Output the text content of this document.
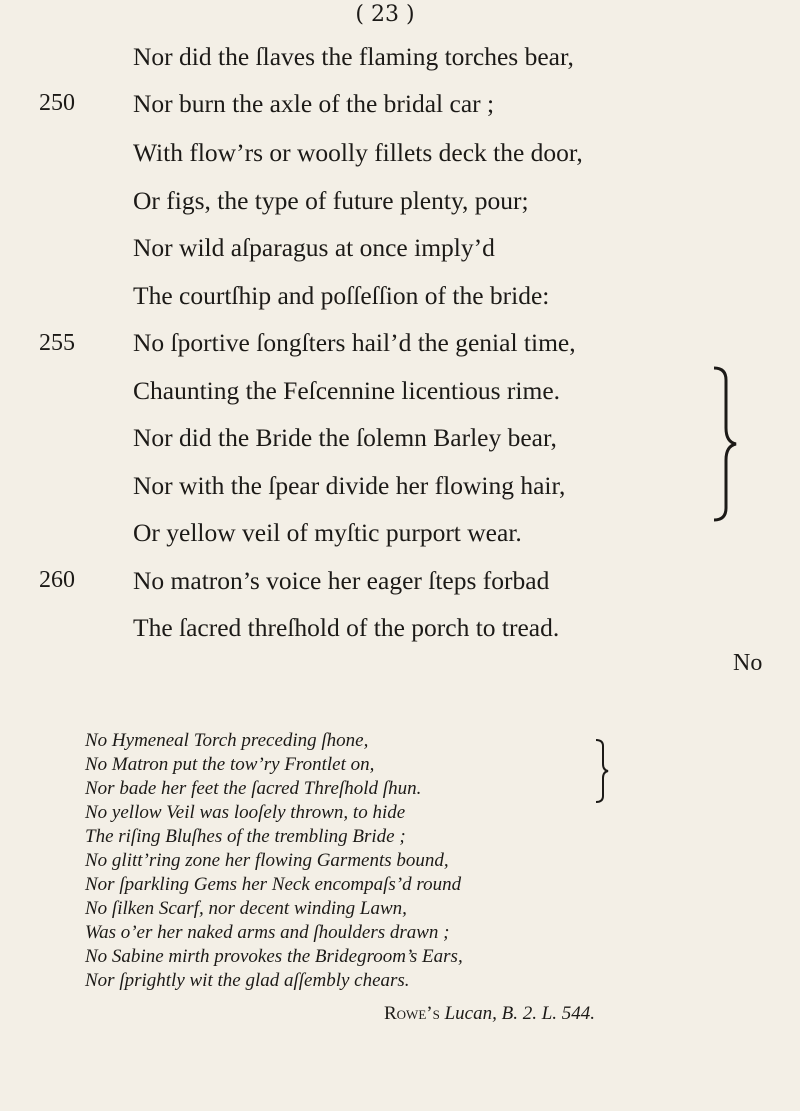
( 23 )
Nor did the ſlaves the flaming torches bear,
Nor burn the axle of the bridal car ;
With flow’rs or woolly fillets deck the door,
Or figs, the type of future plenty, pour;
Nor wild aſparagus at once imply’d
The courtſhip and poſſeſſion of the bride:
No ſportive ſongſters hail’d the genial time,
Chaunting the Feſcennine licentious rime.
Nor did the Bride the ſolemn Barley bear,
Nor with the ſpear divide her flowing hair,
Or yellow veil of myſtic purport wear.
No matron’s voice her eager ſteps forbad
The ſacred threſhold of the porch to tread.
250
255
260
No
No Hymeneal Torch preceding ſhone,
No Matron put the tow’ry Frontlet on,
Nor bade her feet the ſacred Threſhold ſhun.
No yellow Veil was looſely thrown, to hide
The riſing Bluſhes of the trembling Bride ;
No glitt’ring zone her flowing Garments bound,
Nor ſparkling Gems her Neck encompaſs’d round
No ſilken Scarf, nor decent winding Lawn,
Was o’er her naked arms and ſhoulders drawn ;
No Sabine mirth provokes the Bridegroom’s Ears,
Nor ſprightly wit the glad aſſembly chears.
Rowe’s Lucan, B. 2. L. 544.
